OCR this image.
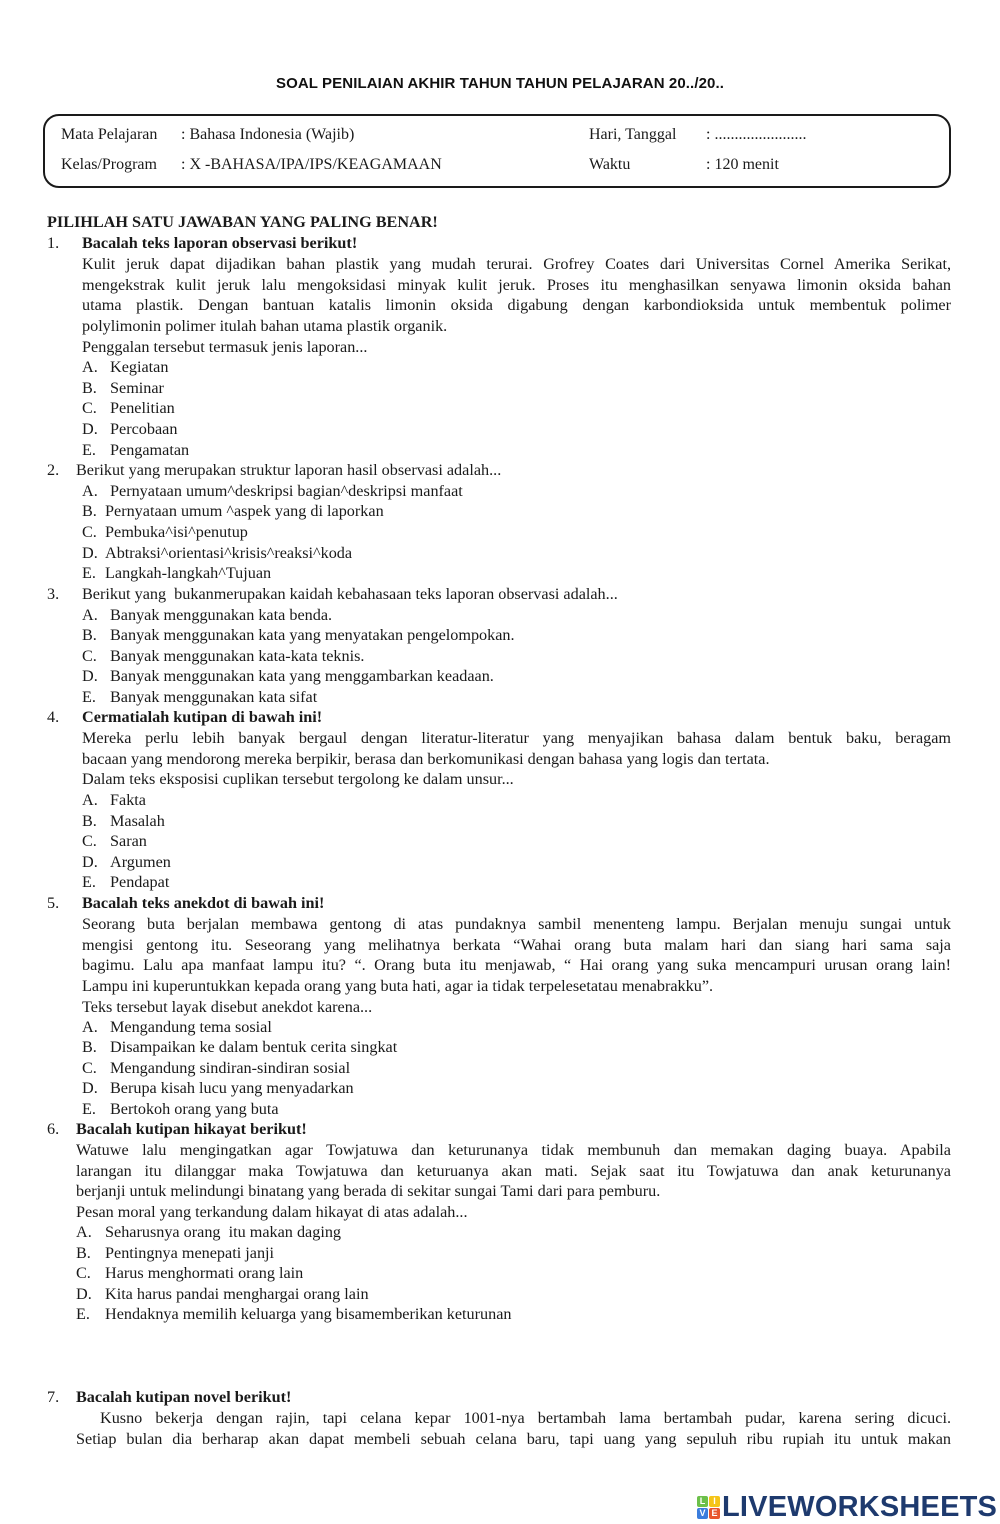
SOAL PENILAIAN AKHIR TAHUN TAHUN PELAJARAN 20../20..
Mata Pelajaran : Bahasa Indonesia (Wajib)	Hari, Tanggal : .......................
Kelas/Program : X -BAHASA/IPA/IPS/KEAGAMAAN	Waktu	: 120 menit
PILIHLAH SATU JAWABAN YANG PALING BENAR!
1. Bacalah teks laporan observasi berikut!
Kulit jeruk dapat dijadikan bahan plastik yang mudah terurai. Grofrey Coates dari Universitas Cornel Amerika Serikat,
mengekstrak kulit jeruk lalu mengoksidasi minyak kulit jeruk. Proses itu menghasilkan senyawa limonin oksida bahan
utama plastik. Dengan bantuan katalis limonin oksida digabung dengan karbondioksida untuk membentuk polimer
polylimonin polimer itulah bahan utama plastik organik.
Penggalan tersebut termasuk jenis laporan...
A. Kegiatan
B. Seminar
C. Penelitian
D. Percobaan
E. Pengamatan
2. Berikut yang merupakan struktur laporan hasil observasi adalah...
A. Pernyataan umum^deskripsi bagian^deskripsi manfaat
B. Pernyataan umum ^aspek yang di laporkan
C. Pembuka^isi^penutup
D. Abtraksi^orientasi^krisis^reaksi^koda
E. Langkah-langkah^Tujuan
3. Berikut yang  bukanmerupakan kaidah kebahasaan teks laporan observasi adalah...
A. Banyak menggunakan kata benda.
B. Banyak menggunakan kata yang menyatakan pengelompokan.
C. Banyak menggunakan kata-kata teknis.
D. Banyak menggunakan kata yang menggambarkan keadaan.
E. Banyak menggunakan kata sifat
4. Cermatialah kutipan di bawah ini!
Mereka perlu lebih banyak bergaul dengan literatur-literatur yang menyajikan bahasa dalam bentuk baku, beragam
bacaan yang mendorong mereka berpikir, berasa dan berkomunikasi dengan bahasa yang logis dan tertata.
Dalam teks eksposisi cuplikan tersebut tergolong ke dalam unsur...
A. Fakta
B. Masalah
C. Saran
D. Argumen
E. Pendapat
5. Bacalah teks anekdot di bawah ini!
Seorang buta berjalan membawa gentong di atas pundaknya sambil menenteng lampu. Berjalan menuju sungai untuk
mengisi gentong itu. Seseorang yang melihatnya berkata “Wahai orang buta malam hari dan siang hari sama saja
bagimu. Lalu apa manfaat lampu itu? “. Orang buta itu menjawab, “ Hai orang yang suka mencampuri urusan orang lain!
Lampu ini kuperuntukkan kepada orang yang buta hati, agar ia tidak terpelesetatau menabrakku”.
Teks tersebut layak disebut anekdot karena...
A. Mengandung tema sosial
B. Disampaikan ke dalam bentuk cerita singkat
C. Mengandung sindiran-sindiran sosial
D. Berupa kisah lucu yang menyadarkan
E. Bertokoh orang yang buta
6. Bacalah kutipan hikayat berikut!
Watuwe lalu mengingatkan agar Towjatuwa dan keturunanya tidak membunuh dan memakan daging buaya. Apabila
larangan itu dilanggar maka Towjatuwa dan keturuanya akan mati. Sejak saat itu Towjatuwa dan anak keturunanya
berjanji untuk melindungi binatang yang berada di sekitar sungai Tami dari para pemburu.
Pesan moral yang terkandung dalam hikayat di atas adalah...
A. Seharusnya orang  itu makan daging
B. Pentingnya menepati janji
C. Harus menghormati orang lain
D. Kita harus pandai menghargai orang lain
E. Hendaknya memilih keluarga yang bisamemberikan keturunan
7. Bacalah kutipan novel berikut!
Kusno bekerja dengan rajin, tapi celana kepar 1001-nya bertambah lama bertambah pudar, karena sering dicuci.
Setiap bulan dia berharap akan dapat membeli sebuah celana baru, tapi uang yang sepuluh ribu rupiah itu untuk makan
L I
V E LIVEWORKSHEETS
